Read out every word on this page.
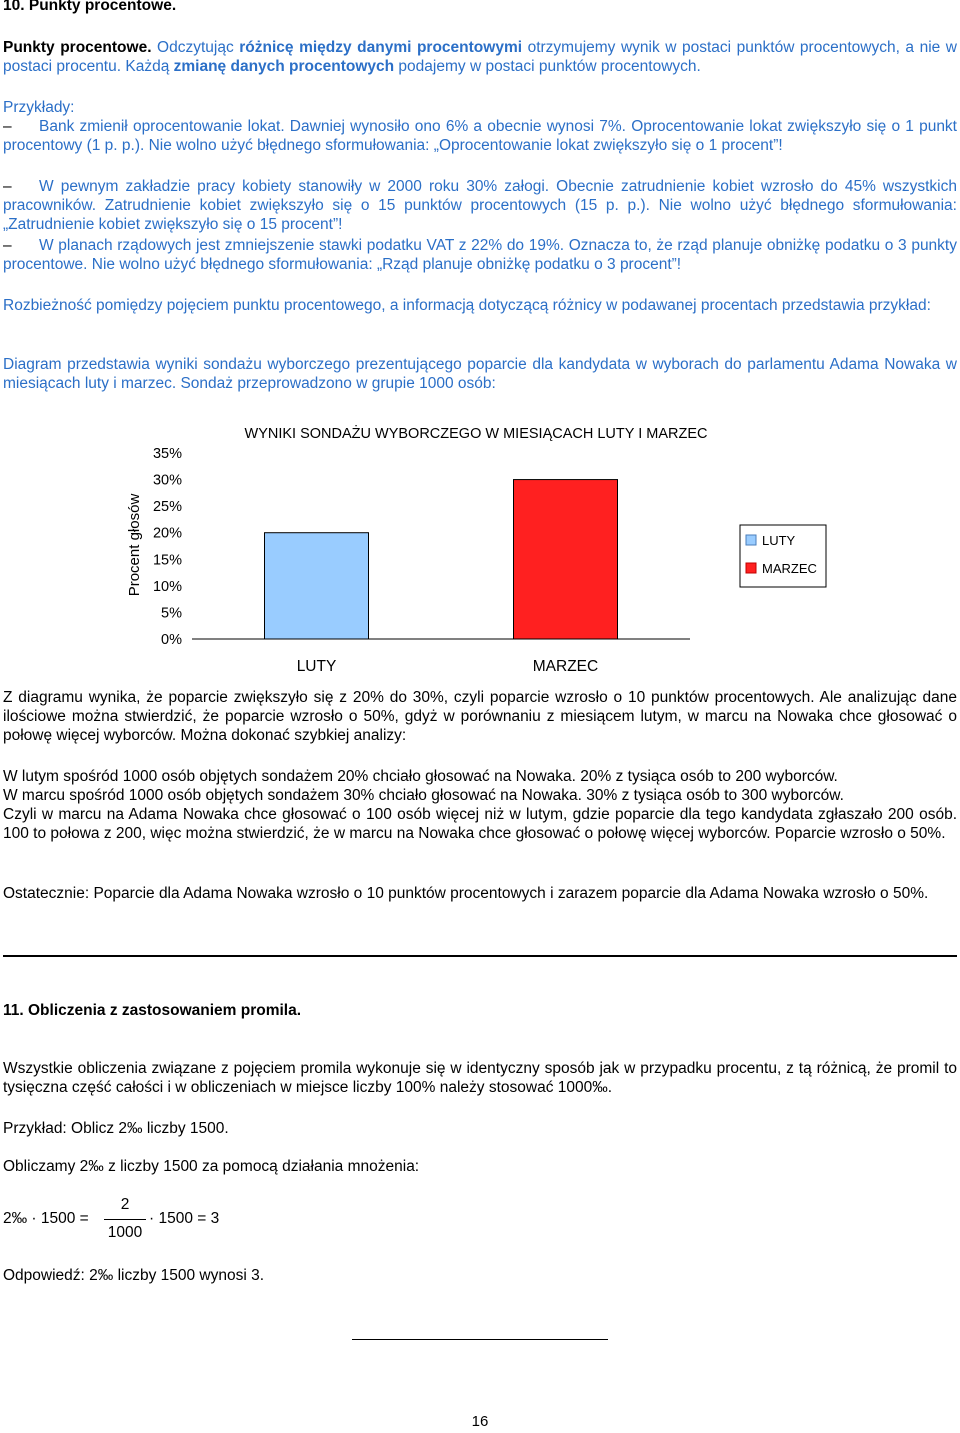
10. Punkty procentowe.
Punkty procentowe. Odczytując różnicę między danymi procentowymi otrzymujemy wynik w postaci punktów procentowych, a nie w postaci procentu. Każdą zmianę danych procentowych podajemy w postaci punktów procentowych.
Przykłady:
–	Bank zmienił oprocentowanie lokat. Dawniej wynosiło ono 6% a obecnie wynosi 7%. Oprocentowanie lokat zwiększyło się o 1 punkt procentowy (1 p. p.). Nie wolno użyć błędnego sformułowania: „Oprocentowanie lokat zwiększyło się o 1 procent”!
–	W pewnym zakładzie pracy kobiety stanowiły w 2000 roku 30% załogi. Obecnie zatrudnienie kobiet wzrosło do 45% wszystkich pracowników. Zatrudnienie kobiet zwiększyło się o 15 punktów procentowych (15 p. p.). Nie wolno użyć błędnego sformułowania: „Zatrudnienie kobiet zwiększyło się o 15 procent”!
–	W planach rządowych jest zmniejszenie stawki podatku VAT z 22% do 19%. Oznacza to, że rząd planuje obniżkę podatku o 3 punkty procentowe. Nie wolno użyć błędnego sformułowania: „Rząd planuje obniżkę podatku o 3 procent”!
Rozbieżność pomiędzy pojęciem punktu procentowego, a informacją dotyczącą różnicy w podawanej procentach przedstawia przykład:
Diagram przedstawia wyniki sondażu wyborczego prezentującego poparcie dla kandydata w wyborach do parlamentu Adama Nowaka w miesiącach luty i marzec. Sondaż przeprowadzono w grupie 1000 osób:
WYNIKI SONDAŻU WYBORCZEGO W MIESIĄCACH LUTY I MARZEC
Procent głosów
0%
5%
10%
15%
20%
25%
30%
35%
LUTY	MARZEC
LUTY
MARZEC
Z diagramu wynika, że poparcie zwiększyło się z 20% do 30%, czyli poparcie wzrosło o 10 punktów procentowych. Ale analizując dane ilościowe można stwierdzić, że poparcie wzrosło o 50%, gdyż w porównaniu z miesiącem lutym, w marcu na Nowaka chce głosować o połowę więcej wyborców. Można dokonać szybkiej analizy:
W lutym spośród 1000 osób objętych sondażem 20% chciało głosować na Nowaka. 20% z tysiąca osób to 200 wyborców.
W marcu spośród 1000 osób objętych sondażem 30% chciało głosować na Nowaka. 30% z tysiąca osób to 300 wyborców.
Czyli w marcu na Adama Nowaka chce głosować o 100 osób więcej niż w lutym, gdzie poparcie dla tego kandydata zgłaszało 200 osób. 100 to połowa z 200, więc można stwierdzić, że w marcu na Nowaka chce głosować o połowę więcej wyborców. Poparcie wzrosło o 50%.
Ostatecznie: Poparcie dla Adama Nowaka wzrosło o 10 punktów procentowych i zarazem poparcie dla Adama Nowaka wzrosło o 50%.
11. Obliczenia z zastosowaniem promila.
Wszystkie obliczenia związane z pojęciem promila wykonuje się w identyczny sposób jak w przypadku procentu, z tą różnicą, że promil to tysięczna część całości i w obliczeniach w miejsce liczby 100% należy stosować 1000‰.
Przykład: Oblicz 2‰ liczby 1500.
Obliczamy 2‰ z liczby 1500 za pomocą działania mnożenia:
2‰ · 1500 =
2
1000
· 1500 = 3
Odpowiedź: 2‰ liczby 1500 wynosi 3.
16
